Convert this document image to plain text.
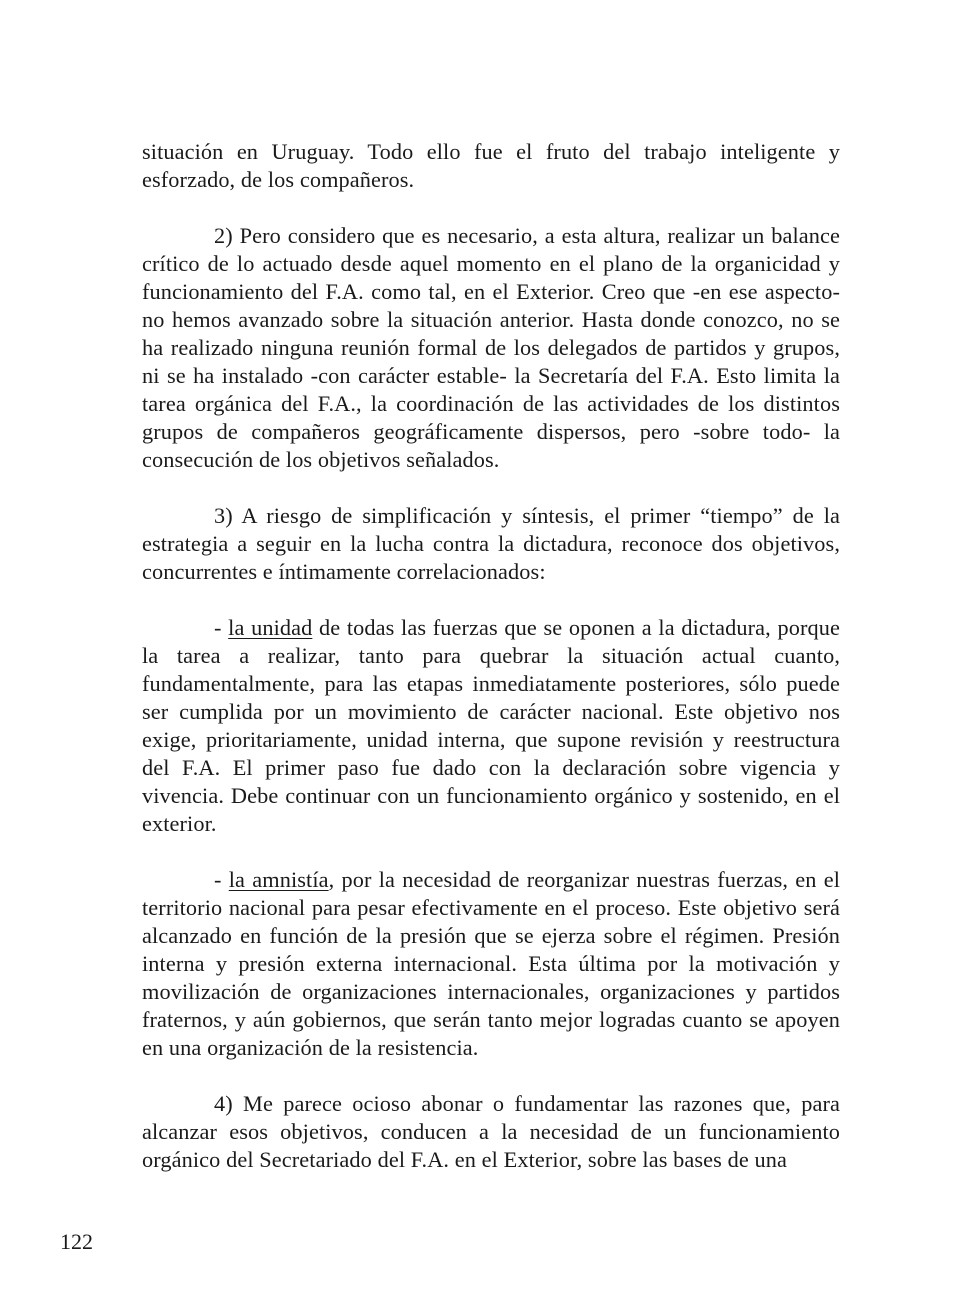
situación en Uruguay. Todo ello fue el fruto del trabajo inteligente y esforzado, de los compañeros.

2) Pero considero que es necesario, a esta altura, realizar un balance crítico de lo actuado desde aquel momento en el plano de la organicidad y funcionamiento del F.A. como tal, en el Exterior. Creo que -en ese aspecto- no hemos avanzado sobre la situación anterior. Hasta donde conozco, no se ha realizado ninguna reunión formal de los delegados de partidos y grupos, ni se ha instalado -con carácter estable- la Secretaría del F.A. Esto limita la tarea orgánica del F.A., la coordinación de las actividades de los distintos grupos de compañeros geográficamente dispersos, pero -sobre todo- la consecución de los objetivos señalados.

3) A riesgo de simplificación y síntesis, el primer “tiempo” de la estrategia a seguir en la lucha contra la dictadura, reconoce dos objetivos, concurrentes e íntimamente correlacionados:

- la unidad de todas las fuerzas que se oponen a la dictadura, porque la tarea a realizar, tanto para quebrar la situación actual cuanto, fundamentalmente, para las etapas inmediatamente posteriores, sólo puede ser cumplida por un movimiento de carácter nacional. Este objetivo nos exige, prioritariamente, unidad interna, que supone revisión y reestructura del F.A. El primer paso fue dado con la declaración sobre vigencia y vivencia. Debe continuar con un funcionamiento orgánico y sostenido, en el exterior.

- la amnistía, por la necesidad de reorganizar nuestras fuerzas, en el territorio nacional para pesar efectivamente en el proceso. Este objetivo será alcanzado en función de la presión que se ejerza sobre el régimen. Presión interna y presión externa internacional. Esta última por la motivación y movilización de organizaciones internacionales, organizaciones y partidos fraternos, y aún gobiernos, que serán tanto mejor logradas cuanto se apoyen en una organización de la resistencia.

4) Me parece ocioso abonar o fundamentar las razones que, para alcanzar esos objetivos, conducen a la necesidad de un funcionamiento orgánico del Secretariado del F.A. en el Exterior, sobre las bases de una

122
